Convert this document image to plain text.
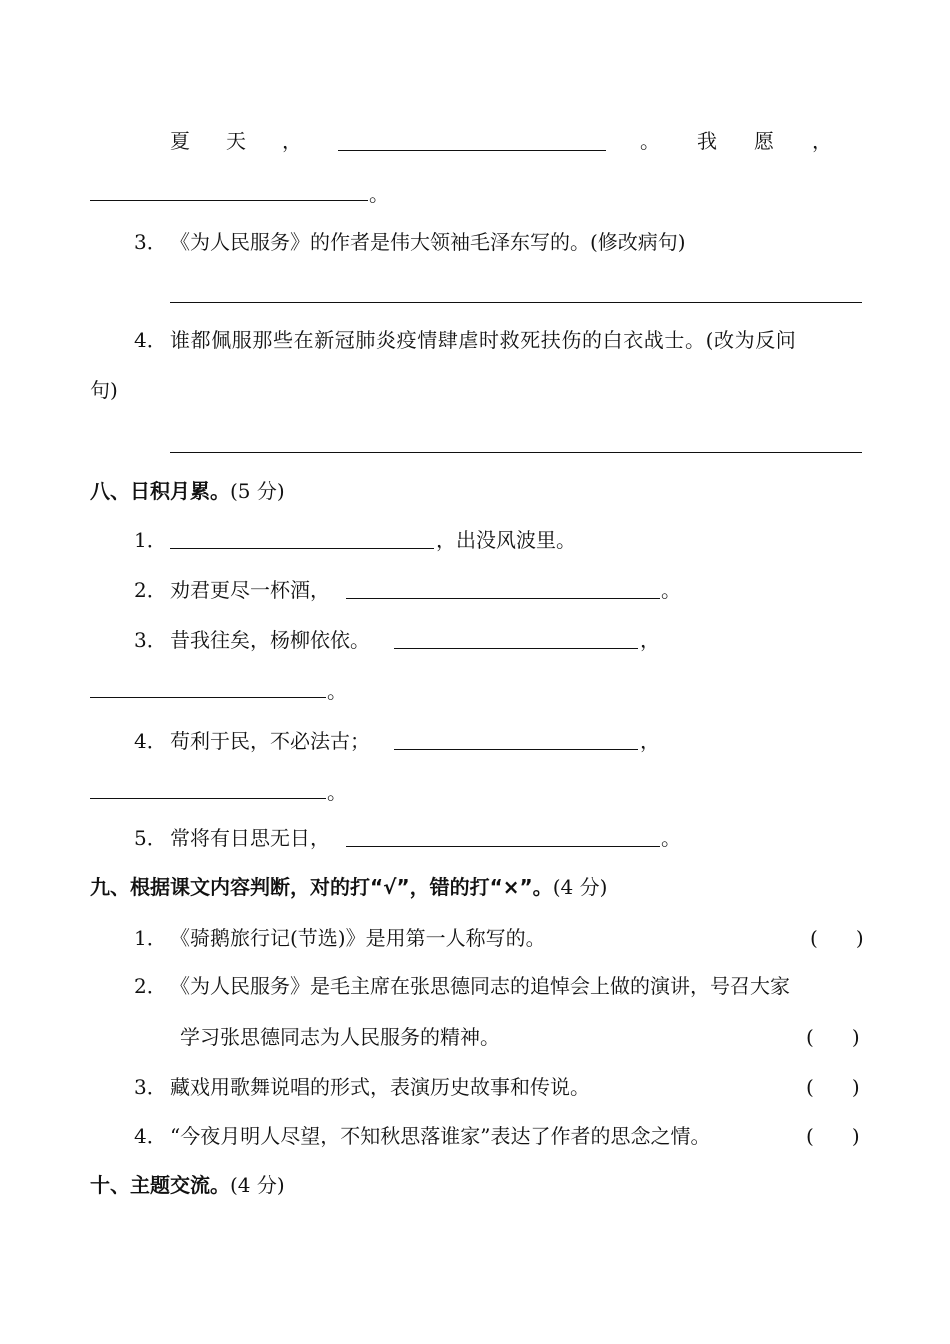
夏 天 ，	。 我 愿 ，
。
3． 《为人民服务》的作者是伟大领袖毛泽东写的。(修改病句)
4． 谁都佩服那些在新冠肺炎疫情肆虐时救死扶伤的白衣战士。(改为反问
句)
八、日积月累。(5 分)
1．	，出没风波里。
2． 劝君更尽一杯酒，	。
3． 昔我往矣，杨柳依依。	，
。
4． 苟利于民，不必法古；	，
。
5． 常将有日思无日，	。
九、根据课文内容判断，对的打“√”，错的打“×”。(4 分)
1． 《骑鹅旅行记(节选)》是用第一人称写的。	( )
2． 《为人民服务》是毛主席在张思德同志的追悼会上做的演讲，号召大家
学习张思德同志为人民服务的精神。	( )
3． 藏戏用歌舞说唱的形式，表演历史故事和传说。	( )
4． “今夜月明人尽望，不知秋思落谁家”表达了作者的思念之情。	( )
十、主题交流。(4 分)
